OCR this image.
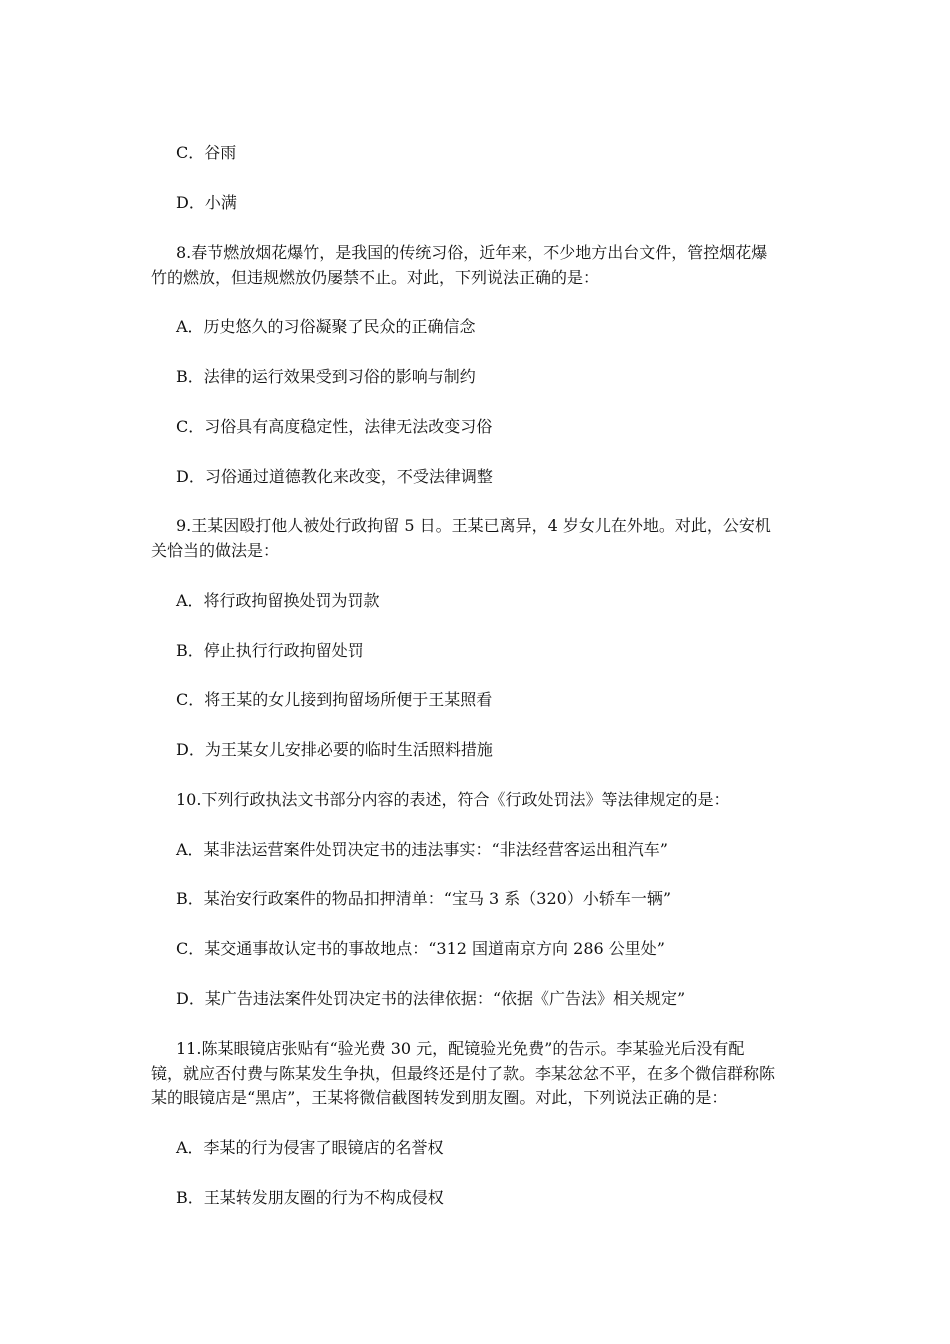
C．谷雨
D．小满
8.春节燃放烟花爆竹，是我国的传统习俗，近年来，不少地方出台文件，管控烟花爆
竹的燃放，但违规燃放仍屡禁不止。对此，下列说法正确的是：
A．历史悠久的习俗凝聚了民众的正确信念
B．法律的运行效果受到习俗的影响与制约
C．习俗具有高度稳定性，法律无法改变习俗
D．习俗通过道德教化来改变，不受法律调整
9.王某因殴打他人被处行政拘留 5 日。王某已离异，4 岁女儿在外地。对此，公安机
关恰当的做法是：
A．将行政拘留换处罚为罚款
B．停止执行行政拘留处罚
C．将王某的女儿接到拘留场所便于王某照看
D．为王某女儿安排必要的临时生活照料措施
10.下列行政执法文书部分内容的表述，符合《行政处罚法》等法律规定的是：
A．某非法运营案件处罚决定书的违法事实：“非法经营客运出租汽车”
B．某治安行政案件的物品扣押清单：“宝马 3 系（320）小轿车一辆”
C．某交通事故认定书的事故地点：“312 国道南京方向 286 公里处”
D．某广告违法案件处罚决定书的法律依据：“依据《广告法》相关规定”
11.陈某眼镜店张贴有“验光费 30 元，配镜验光免费”的告示。李某验光后没有配
镜，就应否付费与陈某发生争执，但最终还是付了款。李某忿忿不平，在多个微信群称陈
某的眼镜店是“黑店”，王某将微信截图转发到朋友圈。对此，下列说法正确的是：
A．李某的行为侵害了眼镜店的名誉权
B．王某转发朋友圈的行为不构成侵权
